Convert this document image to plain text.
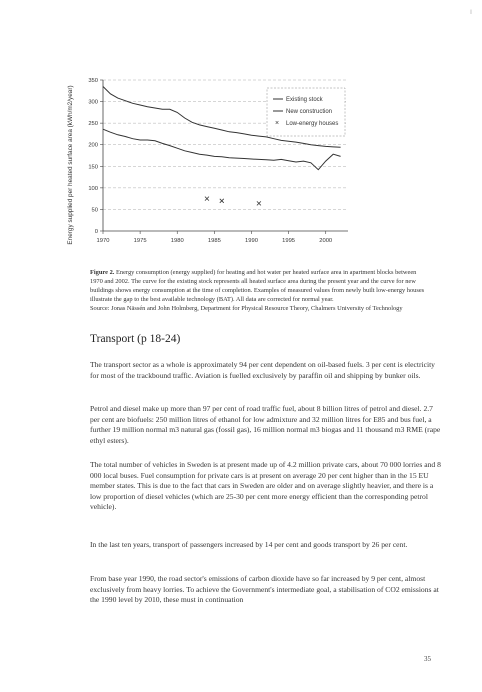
Energy supplied per heated surface area (kWh/m2/year)	0
50
100
150
200
250
300
350
1970	1975	1980	1985	1990	1995	2000
Existing stock
New construction
× Low-energy houses
Figure 2. Energy consumption (energy supplied) for heating and hot water per heated surface area in apartment blocks between 1970 and 2002. The curve for the existing stock represents all heated surface area during the present year and the curve for new buildings shows energy consumption at the time of completion. Examples of measured values from newly built low-energy houses illustrate the gap to the best available technology (BAT). All data are corrected for normal year.
Source: Jonas Nässén and John Holmberg, Department for Physical Resource Theory, Chalmers University of Technology
Transport (p 18-24)

The transport sector as a whole is approximately 94 per cent dependent on oil-based fuels. 3 per cent is electricity for most of the trackbound traffic. Aviation is fuelled exclusively by paraffin oil and shipping by bunker oils.

Petrol and diesel make up more than 97 per cent of road traffic fuel, about 8 billion litres of petrol and diesel. 2.7 per cent are biofuels: 250 million litres of ethanol for low admixture and 32 million litres for E85 and bus fuel, a further 19 million normal m3 natural gas (fossil gas), 16 million normal m3 biogas and 11 thousand m3 RME (rape ethyl esters).

The total number of vehicles in Sweden is at present made up of 4.2 million private cars, about 70 000 lorries and 8 000 local buses. Fuel consumption for private cars is at present on average 20 per cent higher than in the 15 EU member states. This is due to the fact that cars in Sweden are older and on average slightly heavier, and there is a low proportion of diesel vehicles (which are 25-30 per cent more energy efficient than the corresponding petrol vehicle).

In the last ten years, transport of passengers increased by 14 per cent and goods transport by 26 per cent.

From base year 1990, the road sector's emissions of carbon dioxide have so far increased by 9 per cent, almost exclusively from heavy lorries. To achieve the Government's intermediate goal, a stabilisation of CO2 emissions at the 1990 level by 2010, these must in continuation

35
‖
